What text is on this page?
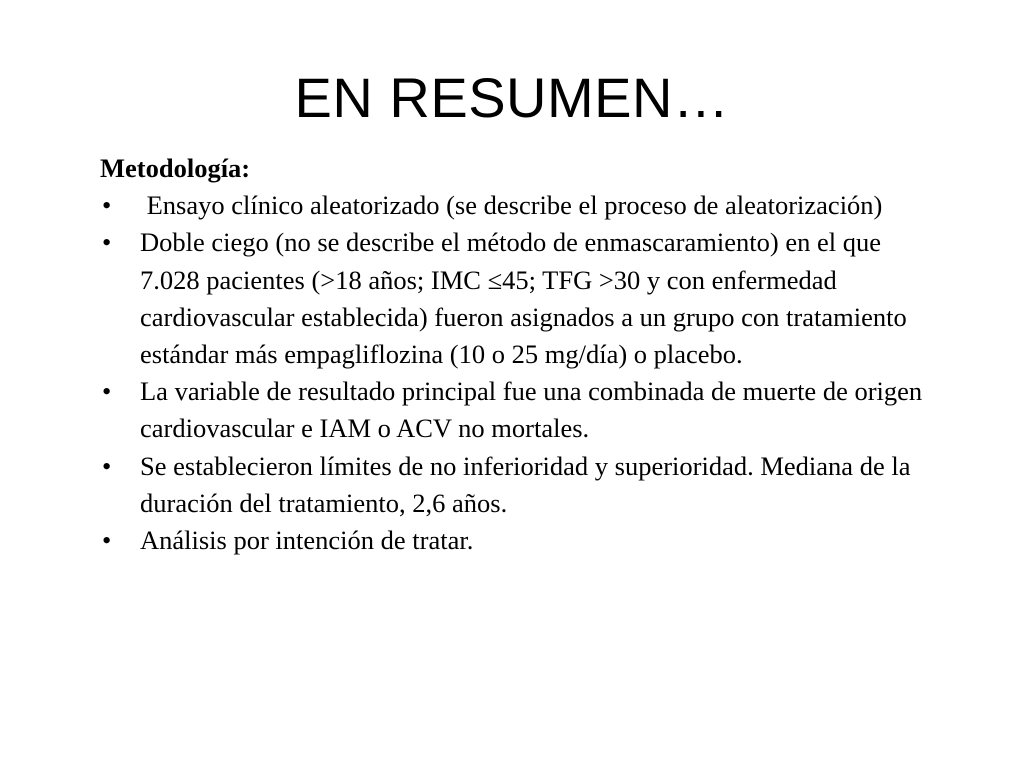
EN RESUMEN…

Metodología:

• Ensayo clínico aleatorizado (se describe el proceso de aleatorización)
• Doble ciego (no se describe el método de enmascaramiento) en el que 7.028 pacientes (>18 años; IMC ≤45; TFG >30 y con enfermedad cardiovascular establecida) fueron asignados a un grupo con tratamiento estándar más empagliflozina (10 o 25 mg/día) o placebo.
• La variable de resultado principal fue una combinada de muerte de origen cardiovascular e IAM o ACV no mortales.
• Se establecieron límites de no inferioridad y superioridad. Mediana de la duración del tratamiento, 2,6 años.
• Análisis por intención de tratar.
